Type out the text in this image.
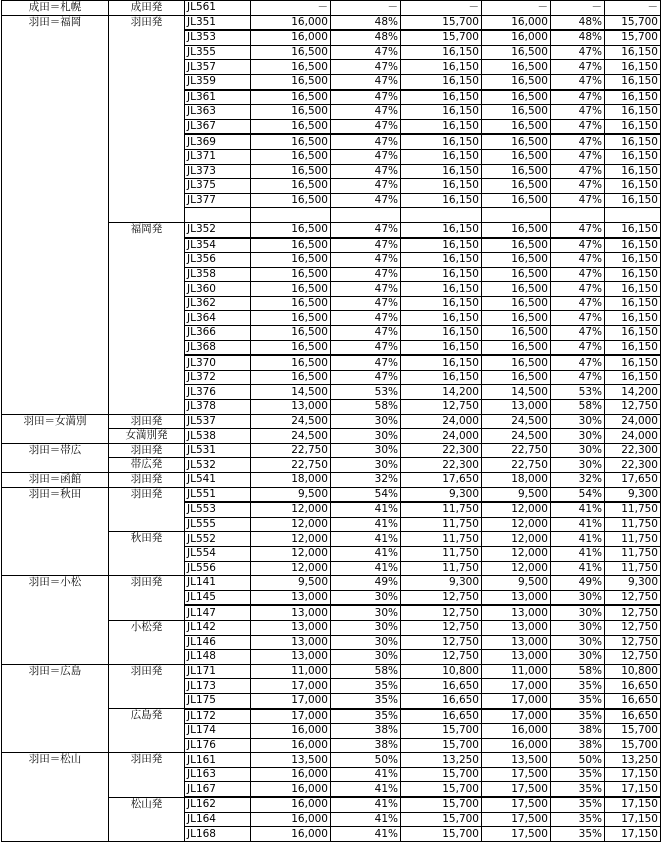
成田＝札幌	成田発	JL561	－	－	－	－	－	－
羽田＝福岡	羽田発	JL351	16,000	48%	15,700	16,000	48%	15,700
		JL353	16,000	48%	15,700	16,000	48%	15,700
		JL355	16,500	47%	16,150	16,500	47%	16,150
		JL357	16,500	47%	16,150	16,500	47%	16,150
		JL359	16,500	47%	16,150	16,500	47%	16,150
		JL361	16,500	47%	16,150	16,500	47%	16,150
		JL363	16,500	47%	16,150	16,500	47%	16,150
		JL367	16,500	47%	16,150	16,500	47%	16,150
		JL369	16,500	47%	16,150	16,500	47%	16,150
		JL371	16,500	47%	16,150	16,500	47%	16,150
		JL373	16,500	47%	16,150	16,500	47%	16,150
		JL375	16,500	47%	16,150	16,500	47%	16,150
		JL377	16,500	47%	16,150	16,500	47%	16,150

	福岡発	JL352	16,500	47%	16,150	16,500	47%	16,150
		JL354	16,500	47%	16,150	16,500	47%	16,150
		JL356	16,500	47%	16,150	16,500	47%	16,150
		JL358	16,500	47%	16,150	16,500	47%	16,150
		JL360	16,500	47%	16,150	16,500	47%	16,150
		JL362	16,500	47%	16,150	16,500	47%	16,150
		JL364	16,500	47%	16,150	16,500	47%	16,150
		JL366	16,500	47%	16,150	16,500	47%	16,150
		JL368	16,500	47%	16,150	16,500	47%	16,150
		JL370	16,500	47%	16,150	16,500	47%	16,150
		JL372	16,500	47%	16,150	16,500	47%	16,150
		JL376	14,500	53%	14,200	14,500	53%	14,200
		JL378	13,000	58%	12,750	13,000	58%	12,750
羽田＝女満別	羽田発	JL537	24,500	30%	24,000	24,500	30%	24,000
	女満別発	JL538	24,500	30%	24,000	24,500	30%	24,000
羽田＝帯広	羽田発	JL531	22,750	30%	22,300	22,750	30%	22,300
	帯広発	JL532	22,750	30%	22,300	22,750	30%	22,300
羽田＝函館	羽田発	JL541	18,000	32%	17,650	18,000	32%	17,650
羽田＝秋田	羽田発	JL551	9,500	54%	9,300	9,500	54%	9,300
		JL553	12,000	41%	11,750	12,000	41%	11,750
		JL555	12,000	41%	11,750	12,000	41%	11,750
	秋田発	JL552	12,000	41%	11,750	12,000	41%	11,750
		JL554	12,000	41%	11,750	12,000	41%	11,750
		JL556	12,000	41%	11,750	12,000	41%	11,750
羽田＝小松	羽田発	JL141	9,500	49%	9,300	9,500	49%	9,300
		JL145	13,000	30%	12,750	13,000	30%	12,750
		JL147	13,000	30%	12,750	13,000	30%	12,750
	小松発	JL142	13,000	30%	12,750	13,000	30%	12,750
		JL146	13,000	30%	12,750	13,000	30%	12,750
		JL148	13,000	30%	12,750	13,000	30%	12,750
羽田＝広島	羽田発	JL171	11,000	58%	10,800	11,000	58%	10,800
		JL173	17,000	35%	16,650	17,000	35%	16,650
		JL175	17,000	35%	16,650	17,000	35%	16,650
	広島発	JL172	17,000	35%	16,650	17,000	35%	16,650
		JL174	16,000	38%	15,700	16,000	38%	15,700
		JL176	16,000	38%	15,700	16,000	38%	15,700
羽田＝松山	羽田発	JL161	13,500	50%	13,250	13,500	50%	13,250
		JL163	16,000	41%	15,700	17,500	35%	17,150
		JL167	16,000	41%	15,700	17,500	35%	17,150
	松山発	JL162	16,000	41%	15,700	17,500	35%	17,150
		JL164	16,000	41%	15,700	17,500	35%	17,150
		JL168	16,000	41%	15,700	17,500	35%	17,150
